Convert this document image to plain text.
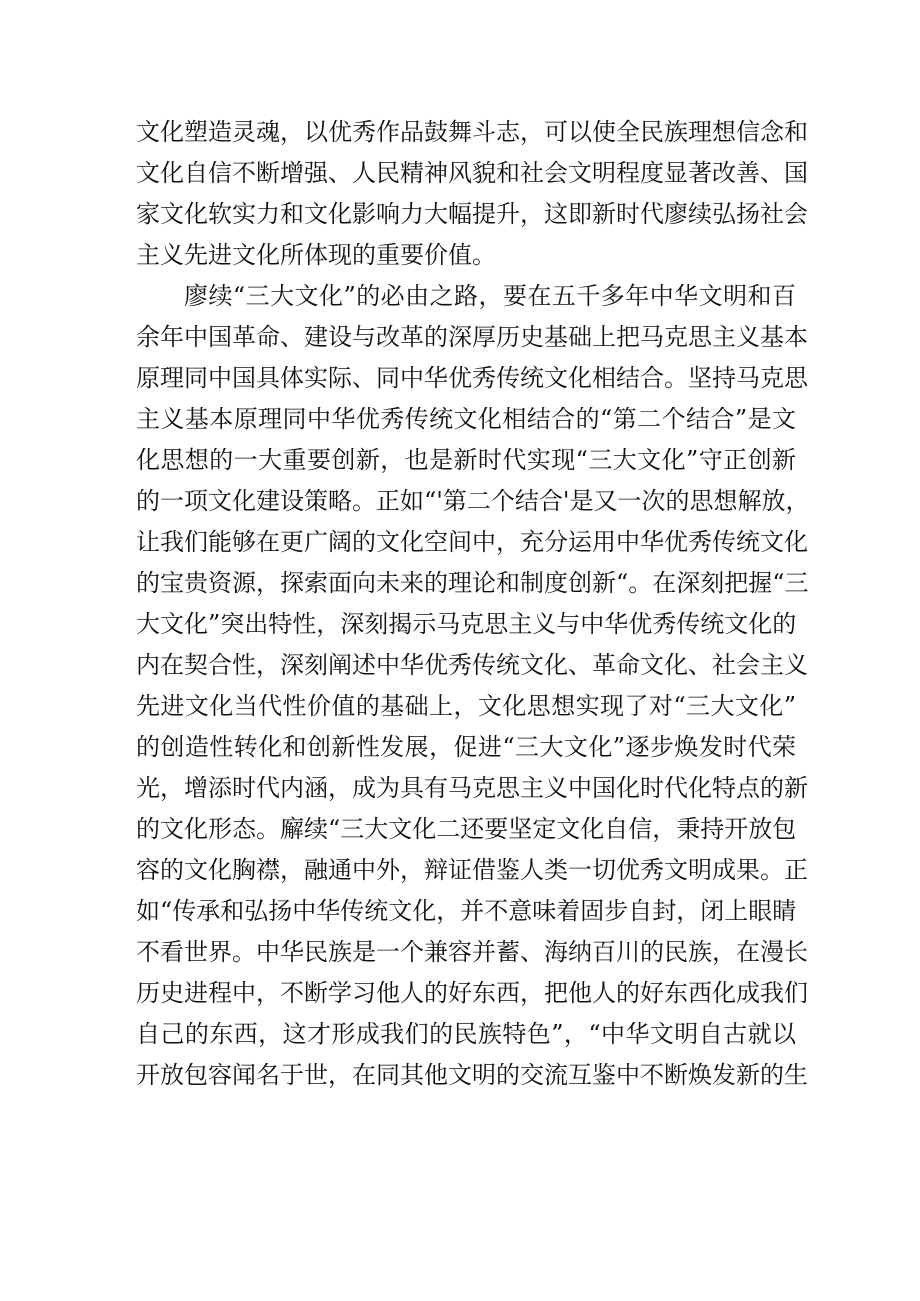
文化塑造灵魂，以优秀作品鼓舞斗志，可以使全民族理想信念和
文化自信不断增强、人民精神风貌和社会文明程度显著改善、国
家文化软实力和文化影响力大幅提升，这即新时代廖续弘扬社会
主义先进文化所体现的重要价值。
廖续“三大文化”的必由之路，要在五千多年中华文明和百
余年中国革命、建设与改革的深厚历史基础上把马克思主义基本
原理同中国具体实际、同中华优秀传统文化相结合。坚持马克思
主义基本原理同中华优秀传统文化相结合的“第二个结合”是文
化思想的一大重要创新，也是新时代实现“三大文化”守正创新
的一项文化建设策略。正如“'第二个结合'是又一次的思想解放，
让我们能够在更广阔的文化空间中，充分运用中华优秀传统文化
的宝贵资源，探索面向未来的理论和制度创新“。在深刻把握“三
大文化”突出特性，深刻揭示马克思主义与中华优秀传统文化的
内在契合性，深刻阐述中华优秀传统文化、革命文化、社会主义
先进文化当代性价值的基础上，文化思想实现了对“三大文化”
的创造性转化和创新性发展，促进“三大文化”逐步焕发时代荣
光，增添时代内涵，成为具有马克思主义中国化时代化特点的新
的文化形态。廨续“三大文化二还要坚定文化自信，秉持开放包
容的文化胸襟，融通中外，辩证借鉴人类一切优秀文明成果。正
如“传承和弘扬中华传统文化，并不意味着固步自封，闭上眼睛
不看世界。中华民族是一个兼容并蓄、海纳百川的民族，在漫长
历史进程中，不断学习他人的好东西，把他人的好东西化成我们
自己的东西，这才形成我们的民族特色”，“中华文明自古就以
开放包容闻名于世，在同其他文明的交流互鉴中不断焕发新的生
